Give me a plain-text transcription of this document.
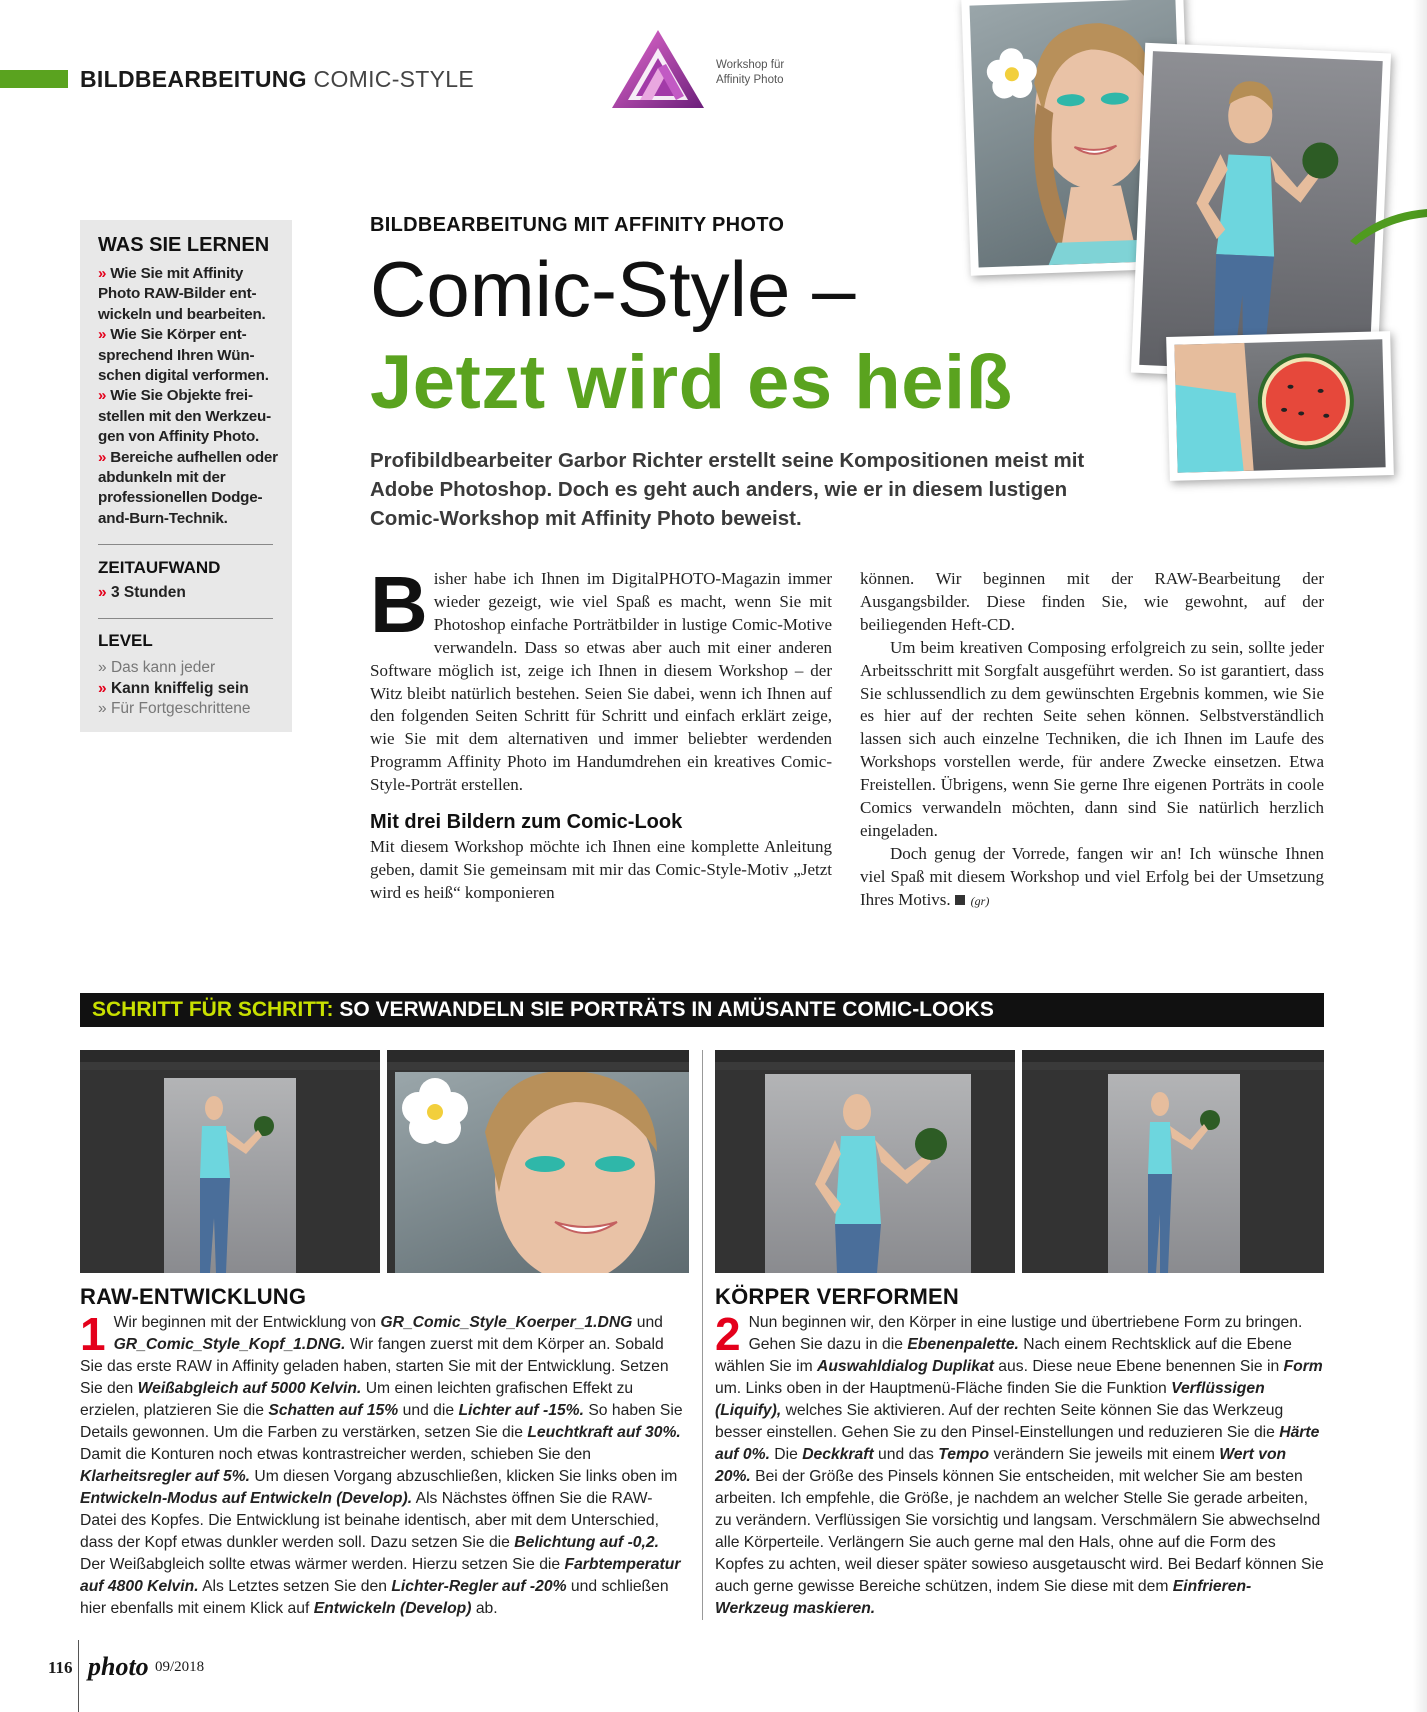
BILDBEARBEITUNG COMIC-STYLE
Workshop für
Affinity Photo
WAS SIE LERNEN
» Wie Sie mit Affinity Photo RAW-Bilder ent-wickeln und bearbeiten.
» Wie Sie Körper ent-sprechend Ihren Wün-schen digital verformen.
» Wie Sie Objekte frei-stellen mit den Werkzeu-gen von Affinity Photo.
» Bereiche aufhellen oder abdunkeln mit der professionellen Dodge-and-Burn-Technik.
ZEITAUFWAND
» 3 Stunden
LEVEL
» Das kann jeder
» Kann kniffelig sein
» Für Fortgeschrittene
BILDBEARBEITUNG MIT AFFINITY PHOTO
Comic-Style –
Jetzt wird es heiß
Profibildbearbeiter Garbor Richter erstellt seine Kompositionen meist mit Adobe Photoshop. Doch es geht auch anders, wie er in diesem lustigen Comic-Workshop mit Affinity Photo beweist.
B isher habe ich Ihnen im DigitalPHOTO-Magazin immer wieder gezeigt, wie viel Spaß es macht, wenn Sie mit Photoshop einfache Porträtbilder in lustige Comic-Motive verwandeln. Dass so etwas aber auch mit einer anderen Software möglich ist, zeige ich Ihnen in diesem Workshop – der Witz bleibt natürlich bestehen. Seien Sie dabei, wenn ich Ihnen auf den folgenden Seiten Schritt für Schritt und einfach erklärt zeige, wie Sie mit dem alternativen und immer beliebter werdenden Programm Affinity Photo im Handumdrehen ein kreatives Comic-Style-Porträt erstellen.
Mit drei Bildern zum Comic-Look
Mit diesem Workshop möchte ich Ihnen eine komplette Anleitung geben, damit Sie gemeinsam mit mir das Comic-Style-Motiv „Jetzt wird es heiß“ komponieren
können. Wir beginnen mit der RAW-Bearbeitung der Ausgangsbilder. Diese finden Sie, wie gewohnt, auf der beiliegenden Heft-CD.
Um beim kreativen Composing erfolgreich zu sein, sollte jeder Arbeitsschritt mit Sorgfalt ausgeführt werden. So ist garantiert, dass Sie schlussendlich zu dem gewünschten Ergebnis kommen, wie Sie es hier auf der rechten Seite sehen können. Selbstverständlich lassen sich auch einzelne Techniken, die ich Ihnen im Laufe des Workshops vorstellen werde, für andere Zwecke einsetzen. Etwa Freistellen. Übrigens, wenn Sie gerne Ihre eigenen Porträts in coole Comics verwandeln möchten, dann sind Sie natürlich herzlich eingeladen.
Doch genug der Vorrede, fangen wir an! Ich wünsche Ihnen viel Spaß mit diesem Workshop und viel Erfolg bei der Umsetzung Ihres Motivs. (gr)
SCHRITT FÜR SCHRITT: SO VERWANDELN SIE PORTRÄTS IN AMÜSANTE COMIC-LOOKS
RAW-ENTWICKLUNG
1 Wir beginnen mit der Entwicklung von GR_Comic_Style_Koerper_1.DNG und GR_Comic_Style_Kopf_1.DNG. Wir fangen zuerst mit dem Körper an. Sobald Sie das erste RAW in Affinity geladen haben, starten Sie mit der Entwicklung. Setzen Sie den Weißabgleich auf 5000 Kelvin. Um einen leichten grafischen Effekt zu erzielen, platzieren Sie die Schatten auf 15% und die Lichter auf -15%. So haben Sie Details gewonnen. Um die Farben zu verstärken, setzen Sie die Leuchtkraft auf 30%. Damit die Konturen noch etwas kontrastreicher werden, schieben Sie den Klarheitsregler auf 5%. Um diesen Vorgang abzuschließen, klicken Sie links oben im Entwickeln-Modus auf Entwickeln (Develop). Als Nächstes öffnen Sie die RAW-Datei des Kopfes. Die Entwicklung ist beinahe identisch, aber mit dem Unterschied, dass der Kopf etwas dunkler werden soll. Dazu setzen Sie die Belichtung auf -0,2. Der Weißabgleich sollte etwas wärmer werden. Hierzu setzen Sie die Farbtemperatur auf 4800 Kelvin. Als Letztes setzen Sie den Lichter-Regler auf -20% und schließen hier ebenfalls mit einem Klick auf Entwickeln (Develop) ab.
KÖRPER VERFORMEN
2 Nun beginnen wir, den Körper in eine lustige und übertriebene Form zu bringen. Gehen Sie dazu in die Ebenenpalette. Nach einem Rechtsklick auf die Ebene wählen Sie im Auswahldialog Duplikat aus. Diese neue Ebene benennen Sie in Form um. Links oben in der Hauptmenü-Fläche finden Sie die Funktion Verflüssigen (Liquify), welches Sie aktivieren. Auf der rechten Seite können Sie das Werkzeug besser einstellen. Gehen Sie zu den Pinsel-Einstellungen und reduzieren Sie die Härte auf 0%. Die Deckkraft und das Tempo verändern Sie jeweils mit einem Wert von 20%. Bei der Größe des Pinsels können Sie entscheiden, mit welcher Sie am besten arbeiten. Ich empfehle, die Größe, je nachdem an welcher Stelle Sie gerade arbeiten, zu verändern. Verflüssigen Sie vorsichtig und langsam. Verschmälern Sie abwechselnd alle Körperteile. Verlängern Sie auch gerne mal den Hals, ohne auf die Form des Kopfes zu achten, weil dieser später sowieso ausgetauscht wird. Bei Bedarf können Sie auch gerne gewisse Bereiche schützen, indem Sie diese mit dem Einfrieren-Werkzeug maskieren.
116 photo 09/2018
